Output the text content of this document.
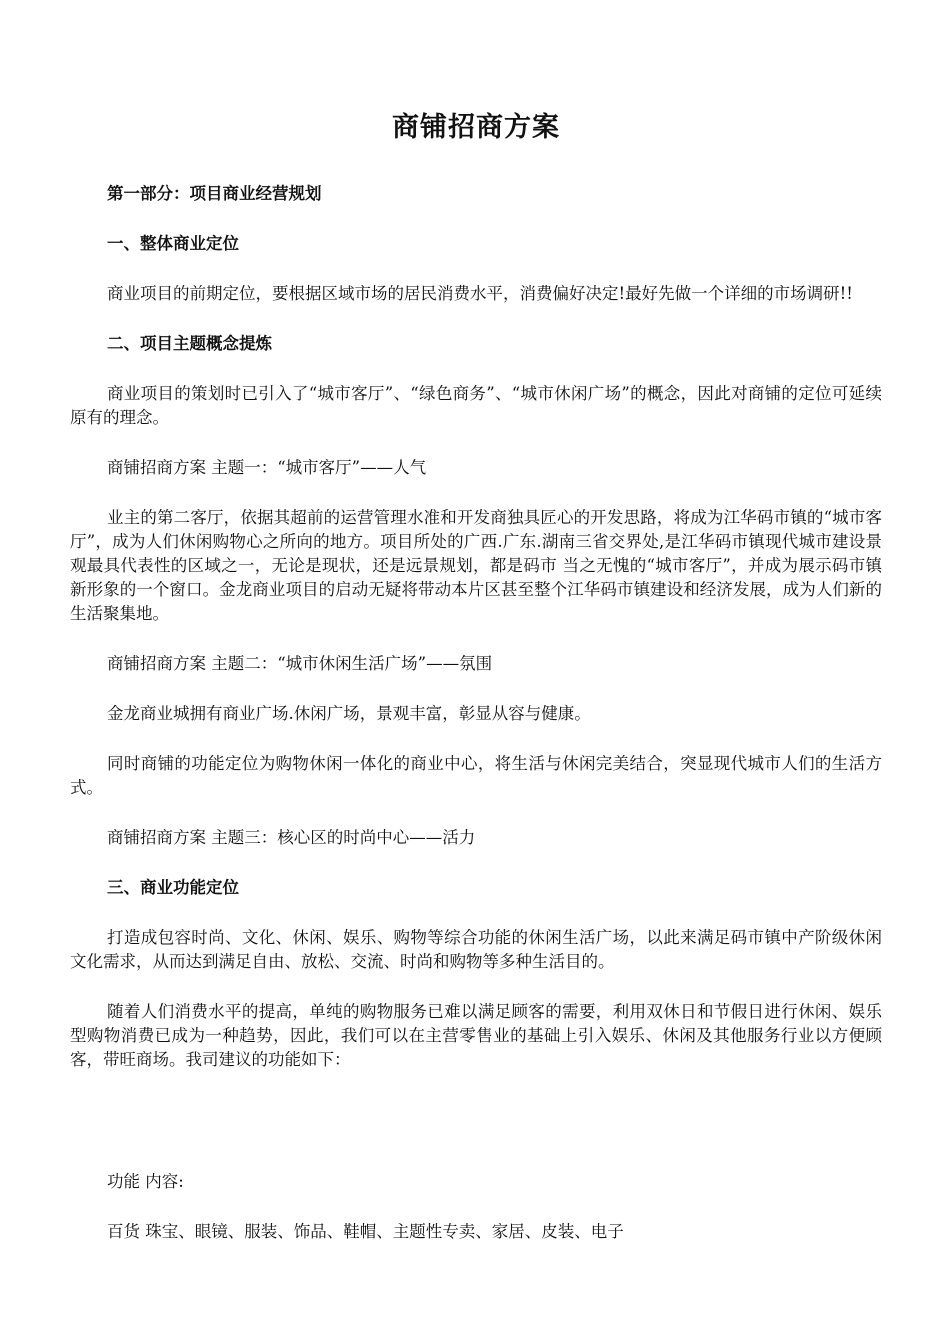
商铺招商方案
第一部分：项目商业经营规划
一、整体商业定位

商业项目的前期定位，要根据区域市场的居民消费水平，消费偏好决定!最好先做一个详细的市场调研!!

二、项目主题概念提炼

商业项目的策划时已引入了“城市客厅”、“绿色商务”、“城市休闲广场”的概念，因此对商铺的定位可延续原有的理念。

商铺招商方案 主题一：“城市客厅”——人气

业主的第二客厅，依据其超前的运营管理水准和开发商独具匠心的开发思路，将成为江华码市镇的“城市客厅”，成为人们休闲购物心之所向的地方。项目所处的广西.广东.湖南三省交界处,是江华码市镇现代城市建设景观最具代表性的区域之一，无论是现状，还是远景规划，都是码市 当之无愧的“城市客厅”，并成为展示码市镇新形象的一个窗口。金龙商业项目的启动无疑将带动本片区甚至整个江华码市镇建设和经济发展，成为人们新的生活聚集地。

商铺招商方案 主题二：“城市休闲生活广场”——氛围

金龙商业城拥有商业广场.休闲广场，景观丰富，彰显从容与健康。

同时商铺的功能定位为购物休闲一体化的商业中心，将生活与休闲完美结合，突显现代城市人们的生活方式。

商铺招商方案 主题三：核心区的时尚中心——活力

三、商业功能定位

打造成包容时尚、文化、休闲、娱乐、购物等综合功能的休闲生活广场，以此来满足码市镇中产阶级休闲文化需求，从而达到满足自由、放松、交流、时尚和购物等多种生活目的。

随着人们消费水平的提高，单纯的购物服务已难以满足顾客的需要，利用双休日和节假日进行休闲、娱乐型购物消费已成为一种趋势，因此，我们可以在主营零售业的基础上引入娱乐、休闲及其他服务行业以方便顾客，带旺商场。我司建议的功能如下：

功能 内容:

百货 珠宝、眼镜、服装、饰品、鞋帽、主题性专卖、家居、皮装、电子
